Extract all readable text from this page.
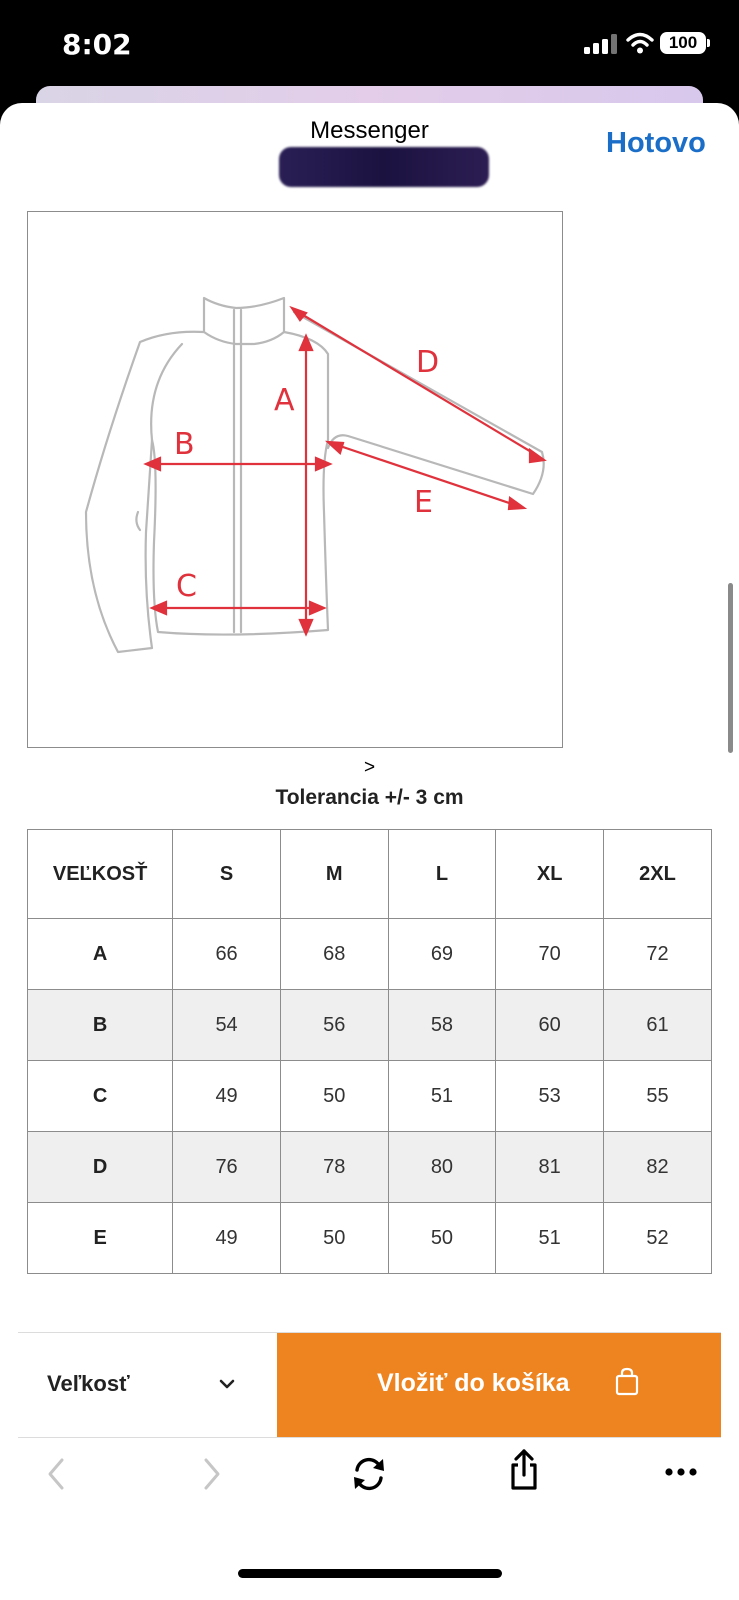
8:02	100
Messenger	Hotovo
A
B
C
D
E
>
Tolerancia +/- 3 cm
VEĽKOSŤ	S	M	L	XL	2XL
A	66	68	69	70	72
B	54	56	58	60	61
C	49	50	51	53	55
D	76	78	80	81	82
E	49	50	50	51	52
Veľkosť	Vložiť do košíka
